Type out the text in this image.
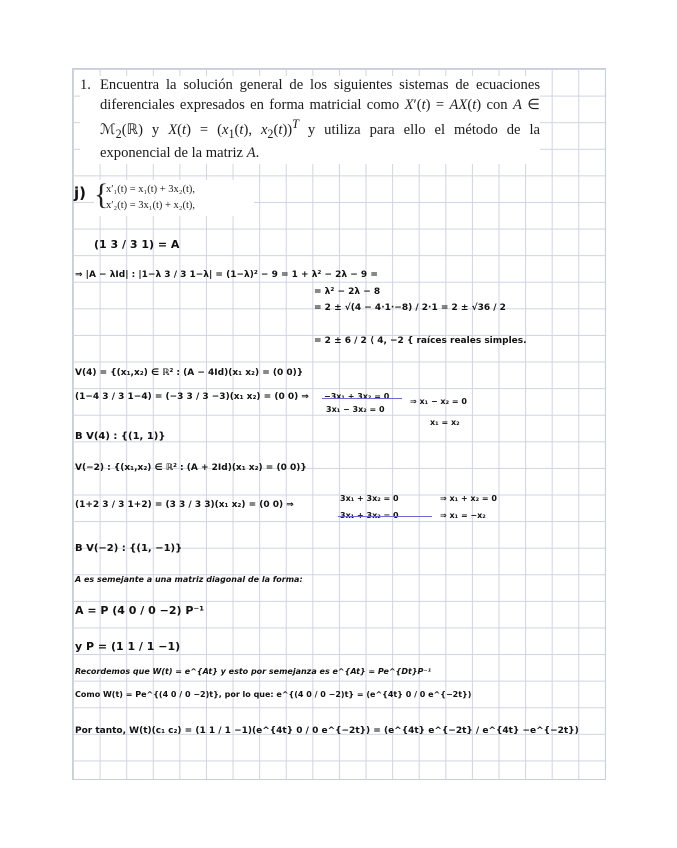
1. Encuentra la solución general de los siguientes sistemas de ecuaciones diferenciales expresados en forma matricial como X′(t) = AX(t) con A ∈ ℳ$_2$(ℝ) y $X(t) = (x_1(t)$, $x_2(t))^T$ y utiliza para ello el método de la exponencial de la matriz A.
j) {
x′₁(t) = x₁(t) + 3x₂(t),
x′₂(t) = 3x₁(t) + x₂(t),
(1 3 / 3 1) = A
⇒ |A − λId| : |1−λ 3 / 3 1−λ| = (1−λ)² − 9 = 1 + λ² − 2λ − 9 =
= λ² − 2λ − 8
= 2 ± √(4 − 4·1·−8) / 2·1 = 2 ± √36 / 2
= 2 ± 6 / 2 ⟨ 4, −2 { raíces reales simples.
V(4) = {(x₁,x₂) ∈ ℝ² : (A − 4Id)(x₁ x₂) = (0 0)}
(1−4 3 / 3 1−4) = (−3 3 / 3 −3)(x₁ x₂) = (0 0) ⇒ −3x₁ + 3x₂ = 0
3x₁ − 3x₂ = 0
⇒ x₁ − x₂ = 0
x₁ = x₂
B V(4) : {(1, 1)}
V(−2) : {(x₁,x₂) ∈ ℝ² : (A + 2Id)(x₁ x₂) = (0 0)}
(1+2 3 / 3 1+2) = (3 3 / 3 3)(x₁ x₂) = (0 0) ⇒
3x₁ + 3x₂ = 0
3x₁ + 3x₂ = 0
⇒ x₁ + x₂ = 0
⇒ x₁ = −x₂
B V(−2) : {(1, −1)}
A es semejante a una matriz diagonal de la forma:
A = P (4 0 / 0 −2) P⁻¹
y P = (1 1 / 1 −1)
Recordemos que W(t) = e^{At} y esto por semejanza es e^{At} = Pe^{Dt}P⁻¹
Como W(t) = Pe^{(4 0 / 0 −2)t}, por lo que: e^{(4 0 / 0 −2)t} = (e^{4t} 0 / 0 e^{−2t})
Por tanto, W(t)(c₁ c₂) = (1 1 / 1 −1)(e^{4t} 0 / 0 e^{−2t}) = (e^{4t} e^{−2t} / e^{4t} −e^{−2t})
